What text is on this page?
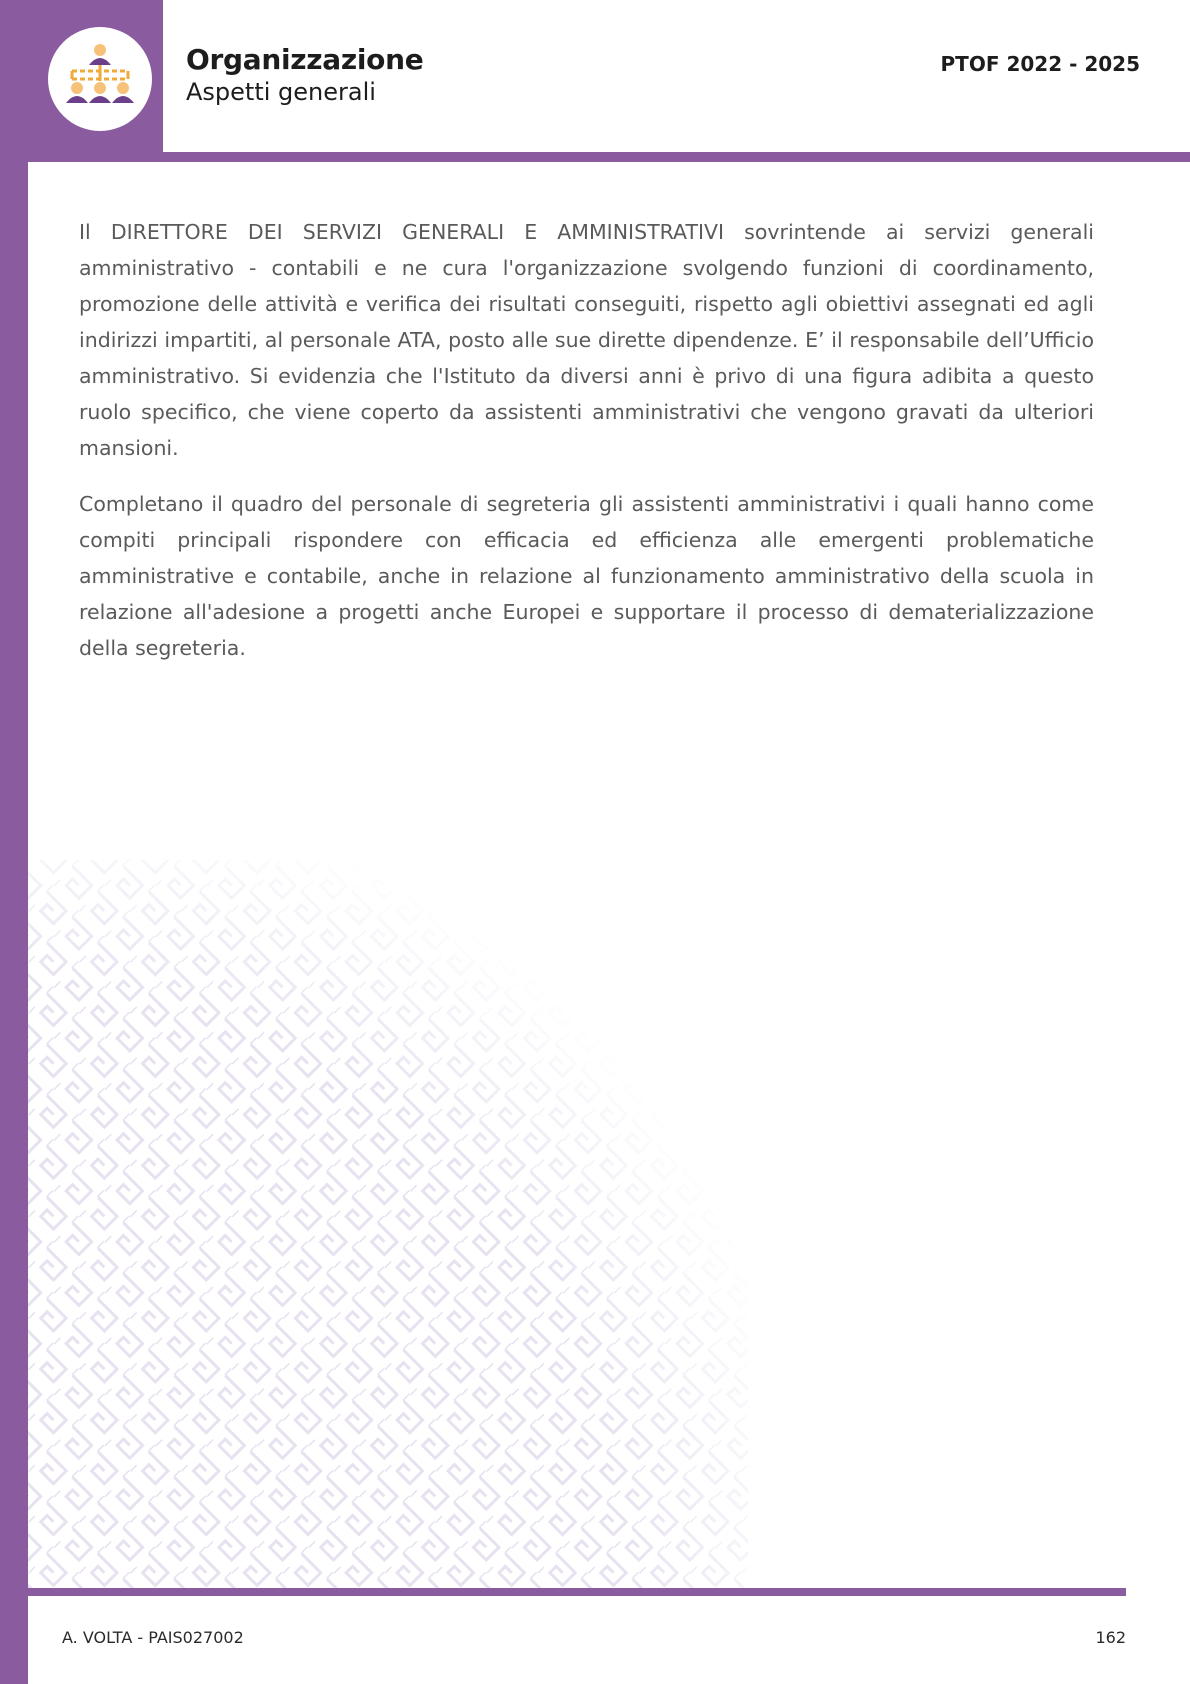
Organizzazione
Aspetti generali
PTOF 2022 - 2025

Il DIRETTORE DEI SERVIZI GENERALI E AMMINISTRATIVI sovrintende ai servizi generali amministrativo - contabili e ne cura l'organizzazione svolgendo funzioni di coordinamento, promozione delle attività e verifica dei risultati conseguiti, rispetto agli obiettivi assegnati ed agli indirizzi impartiti, al personale ATA, posto alle sue dirette dipendenze. E’ il responsabile dell’Ufficio amministrativo. Si evidenzia che l'Istituto da diversi anni è privo di una figura adibita a questo ruolo specifico, che viene coperto da assistenti amministrativi che vengono gravati da ulteriori mansioni.

Completano il quadro del personale di segreteria gli assistenti amministrativi i quali hanno come compiti principali rispondere con efficacia ed efficienza alle emergenti problematiche amministrative e contabile, anche in relazione al funzionamento amministrativo della scuola in relazione all'adesione a progetti anche Europei e supportare il processo di dematerializzazione della segreteria.

A. VOLTA - PAIS027002	162
